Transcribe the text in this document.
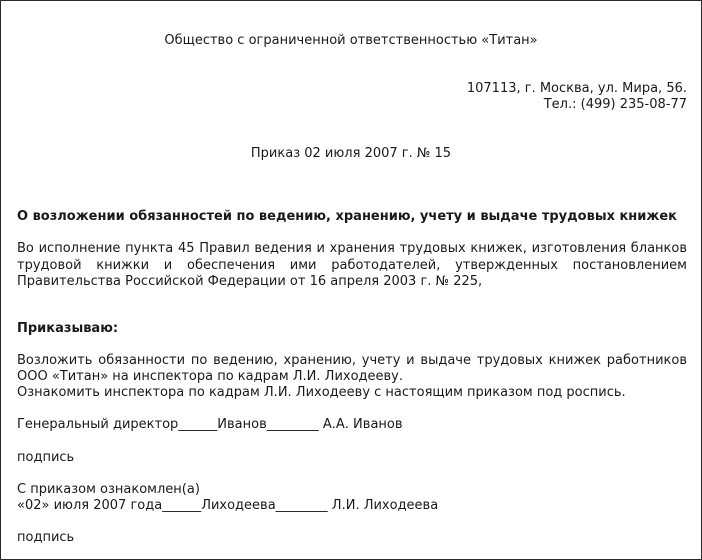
Общество с ограниченной ответственностью «Титан»
107113, г. Москва, ул. Мира, 56.
Тел.: (499) 235-08-77
Приказ 02 июля 2007 г. № 15
О возложении обязанностей по ведению, хранению, учету и выдаче трудовых книжек
Во исполнение пункта 45 Правил ведения и хранения трудовых книжек, изготовления бланков
трудовой книжки и обеспечения ими работодателей, утвержденных постановлением
Правительства Российской Федерации от 16 апреля 2003 г. № 225,
Приказываю:
Возложить обязанности по ведению, хранению, учету и выдаче трудовых книжек работников
ООО «Титан» на инспектора по кадрам Л.И. Лиходееву.
Ознакомить инспектора по кадрам Л.И. Лиходееву с настоящим приказом под роспись.
Генеральный директор______Иванов________ А.А. Иванов
подпись
С приказом ознакомлен(а)
«02» июля 2007 года______Лиходеева________ Л.И. Лиходеева
подпись
